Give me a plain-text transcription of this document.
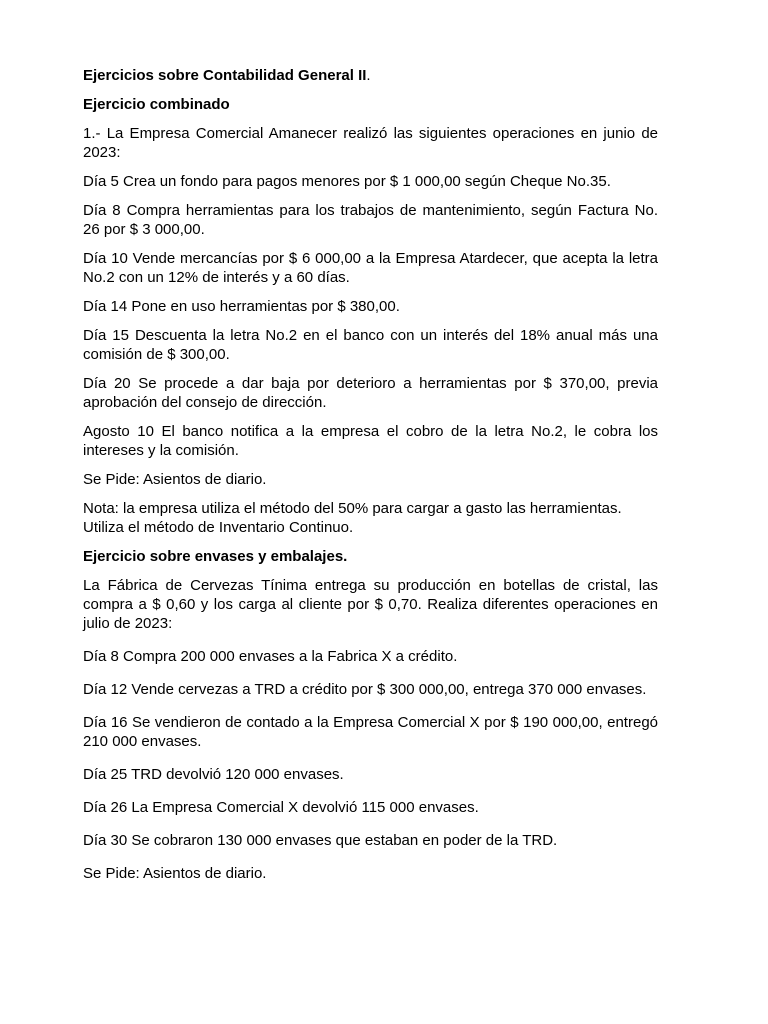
Ejercicios sobre Contabilidad General II.

Ejercicio combinado

1.- La Empresa Comercial Amanecer realizó las siguientes operaciones en junio de 2023:

Día 5 Crea un fondo para pagos menores por $ 1 000,00 según Cheque No.35.

Día 8 Compra herramientas para los trabajos de mantenimiento, según Factura No. 26 por $ 3 000,00.

Día 10 Vende mercancías por $ 6 000,00 a la Empresa Atardecer, que acepta la letra No.2 con un 12% de interés y a 60 días.

Día 14 Pone en uso herramientas por $ 380,00.

Día 15 Descuenta la letra No.2 en el banco con un interés del 18% anual más una comisión de $ 300,00.

Día 20 Se procede a dar baja por deterioro a herramientas por $ 370,00, previa aprobación del consejo de dirección.

Agosto 10 El banco notifica a la empresa el cobro de la letra No.2, le cobra los intereses y la comisión.

Se Pide: Asientos de diario.

Nota: la empresa utiliza el método del 50% para cargar a gasto las herramientas. Utiliza el método de Inventario Continuo.

Ejercicio sobre envases y embalajes.

La Fábrica de Cervezas Tínima entrega su producción en botellas de cristal, las compra a $ 0,60 y los carga al cliente por $ 0,70. Realiza diferentes operaciones en julio de 2023:

Día 8 Compra 200 000 envases a la Fabrica X a crédito.

Día 12 Vende cervezas a TRD a crédito por $ 300 000,00, entrega 370 000 envases.

Día 16 Se vendieron de contado a la Empresa Comercial X por $ 190 000,00, entregó 210 000 envases.

Día 25 TRD devolvió 120 000 envases.

Día 26 La Empresa Comercial X devolvió 115 000 envases.

Día 30 Se cobraron 130 000 envases que estaban en poder de la TRD.

Se Pide: Asientos de diario.
